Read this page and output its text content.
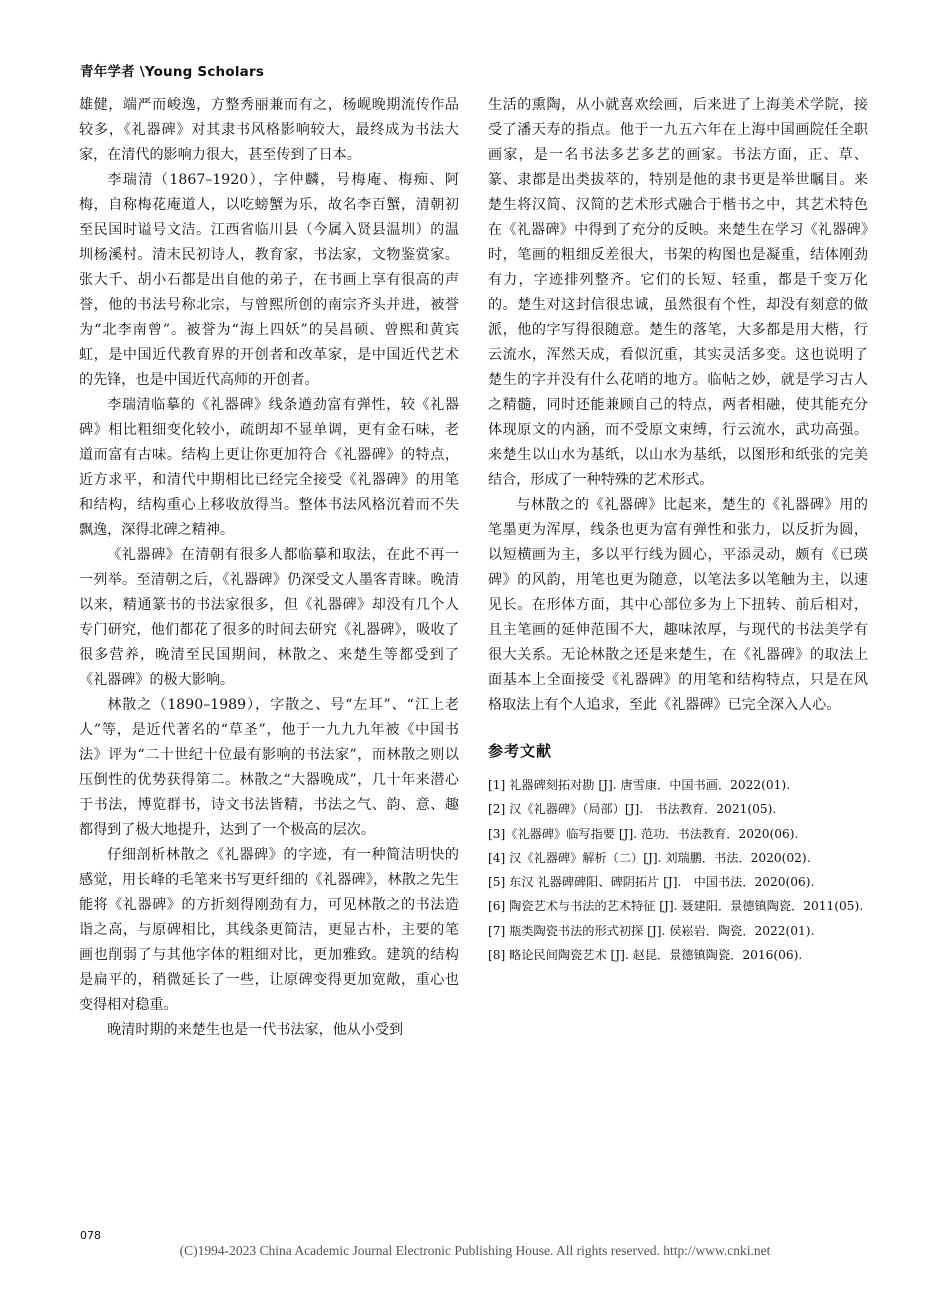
青年学者 \Young Scholars

雄健，端严而峻逸，方整秀丽兼而有之，杨岘晚期流传作品较多，《礼器碑》对其隶书风格影响较大，最终成为书法大家，在清代的影响力很大，甚至传到了日本。

李瑞清（1867–1920），字仲麟，号梅庵、梅痴、阿梅，自称梅花庵道人，以吃螃蟹为乐，故名李百蟹，清朝初至民国时谥号文洁。江西省临川县（今属入贤县温圳）的温圳杨溪村。清末民初诗人，教育家，书法家，文物鉴赏家。张大千、胡小石都是出自他的弟子，在书画上享有很高的声誉，他的书法号称北宗，与曾熙所创的南宗齐头并进，被誉为“北李南曾”。被誉为“海上四妖”的吴昌硕、曾熙和黄宾虹，是中国近代教育界的开创者和改革家，是中国近代艺术的先锋，也是中国近代高师的开创者。

李瑞清临摹的《礼器碑》线条遒劲富有弹性，较《礼器碑》相比粗细变化较小，疏朗却不显单调，更有金石味，老道而富有古味。结构上更让你更加符合《礼器碑》的特点，近方求平，和清代中期相比已经完全接受《礼器碑》的用笔和结构，结构重心上移收放得当。整体书法风格沉着而不失飘逸，深得北碑之精神。

《礼器碑》在清朝有很多人都临摹和取法，在此不再一一列举。至清朝之后，《礼器碑》仍深受文人墨客青睐。晚清以来，精通篆书的书法家很多，但《礼器碑》却没有几个人专门研究，他们都花了很多的时间去研究《礼器碑》，吸收了很多营养，晚清至民国期间，林散之、来楚生等都受到了《礼器碑》的极大影响。

林散之（1890–1989），字散之、号“左耳”、“江上老人”等，是近代著名的“草圣”，他于一九九九年被《中国书法》评为“二十世纪十位最有影响的书法家”，而林散之则以压倒性的优势获得第二。林散之“大器晚成”，几十年来潜心于书法，博览群书，诗文书法皆精，书法之气、韵、意、趣都得到了极大地提升，达到了一个极高的层次。

仔细剖析林散之《礼器碑》的字迹，有一种简洁明快的感觉，用长峰的毛笔来书写更纤细的《礼器碑》，林散之先生能将《礼器碑》的方折刻得刚劲有力，可见林散之的书法造诣之高，与原碑相比，其线条更简洁，更显古朴，主要的笔画也削弱了与其他字体的粗细对比，更加雅致。建筑的结构是扁平的，稍微延长了一些，让原碑变得更加宽敞，重心也变得相对稳重。

晚清时期的来楚生也是一代书法家，他从小受到

生活的熏陶，从小就喜欢绘画，后来进了上海美术学院，接受了潘天寿的指点。他于一九五六年在上海中国画院任全职画家，是一名书法多艺多艺的画家。书法方面，正、草、篆、隶都是出类拔萃的，特别是他的隶书更是举世瞩目。来楚生将汉简、汉简的艺术形式融合于楷书之中，其艺术特色在《礼器碑》中得到了充分的反映。来楚生在学习《礼器碑》时，笔画的粗细反差很大，书架的构图也是凝重，结体刚劲有力，字迹排列整齐。它们的长短、轻重，都是千变万化的。楚生对这封信很忠诚，虽然很有个性，却没有刻意的做派，他的字写得很随意。楚生的落笔，大多都是用大楷，行云流水，浑然天成，看似沉重，其实灵活多变。这也说明了楚生的字并没有什么花哨的地方。临帖之妙，就是学习古人之精髓，同时还能兼顾自己的特点，两者相融，使其能充分体现原文的内涵，而不受原文束缚，行云流水，武功高强。来楚生以山水为基纸，以山水为基纸，以图形和纸张的完美结合，形成了一种特殊的艺术形式。

与林散之的《礼器碑》比起来，楚生的《礼器碑》用的笔墨更为浑厚，线条也更为富有弹性和张力，以反折为圆，以短横画为主，多以平行线为圆心，平添灵动，颇有《已瑛碑》的风韵，用笔也更为随意，以笔法多以笔触为主，以速见长。在形体方面，其中心部位多为上下扭转、前后相对，且主笔画的延伸范围不大，趣味浓厚，与现代的书法美学有很大关系。无论林散之还是来楚生，在《礼器碑》的取法上面基本上全面接受《礼器碑》的用笔和结构特点，只是在风格取法上有个人追求，至此《礼器碑》已完全深入人心。

参考文献
[1] 礼器碑刻拓对勘 [J]. 唐雪康．中国书画．2022(01).
[2] 汉《礼器碑》（局部）[J].　书法教育．2021(05).
[3]《礼器碑》临写指要 [J]. 范功．书法教育．2020(06).
[4] 汉《礼器碑》解析（二）[J]. 刘瑞鹏．书法．2020(02).
[5] 东汉 礼器碑碑阳、碑阴拓片 [J].　中国书法．2020(06).
[6] 陶瓷艺术与书法的艺术特征 [J]. 聂建阳．景德镇陶瓷．2011(05).
[7] 瓶类陶瓷书法的形式初探 [J]. 侯崧岩．陶瓷．2022(01).
[8] 略论民间陶瓷艺术 [J]. 赵昆．景德镇陶瓷．2016(06).
078
(C)1994-2023 China Academic Journal Electronic Publishing House. All rights reserved. http://www.cnki.net
